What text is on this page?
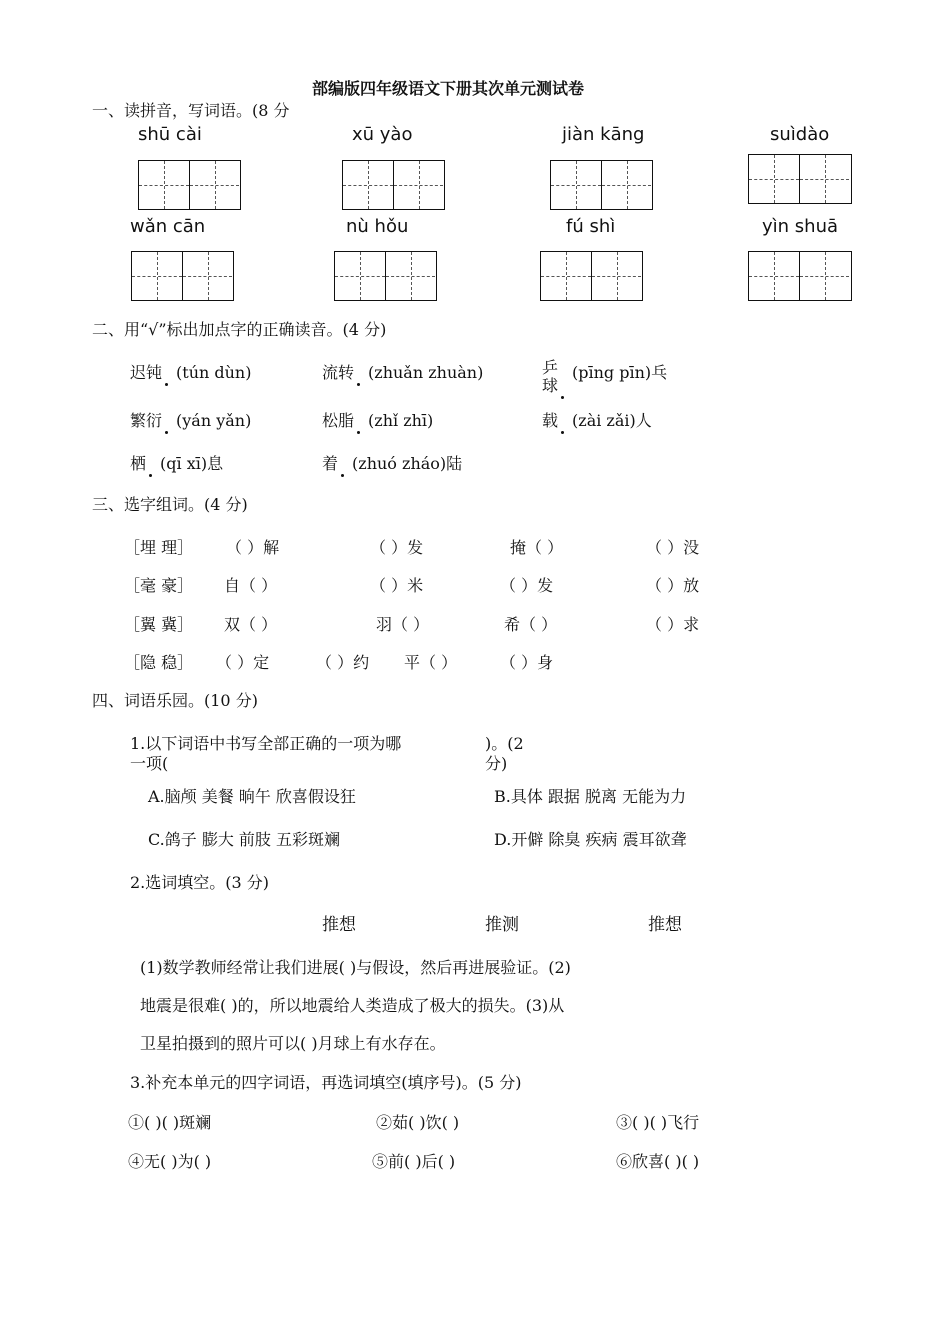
部编版四年级语文下册其次单元测试卷
一、读拼音，写词语。(8 分
shū cài	xū yào	jiàn kāng	suìdào
wǎn cān	nù hǒu	fú shì	yìn shuā
二、用“√”标出加点字的正确读音。(4 分)
迟钝 (tún dùn)	流转 (zhuǎn zhuàn)	乒
球(pīng pīn)乓
繁衍 (yán yǎn)	松脂 (zhǐ zhī)	载 (zài zǎi)人
栖 (qī xī)息	着 (zhuó zháo)陆
三、选字组词。(4 分)
［埋 理］ （ ）解	（ ）发	掩（ ）	（ ）没
［毫 豪］ 自（ ）	（ ）米	（ ）发	（ ）放
［翼 冀］ 双（ ）	羽（ ）	希（ ）	（ ）求
［隐 稳］ （ ）定	（ ）约 平（ ）	（ ）身
四、词语乐园。(10 分)
1.以下词语中书写全部正确的一项为哪
一项(
)。(2
分)
A.脑颅 美餐 晌午 欣喜假设狂	B.具体 跟据 脱离 无能为力
C.鸽子 膨大 前肢 五彩斑斓	D.开僻 除臭 疾病 震耳欲聋
2.选词填空。(3 分)
推想	推测	推想
(1)数学教师经常让我们进展( )与假设，然后再进展验证。(2)
地震是很难( )的，所以地震给人类造成了极大的损失。(3)从
卫星拍摄到的照片可以( )月球上有水存在。
3.补充本单元的四字词语，再选词填空(填序号)。(5 分)
①( )( )斑斓	②茹( )饮( )	③( )( )飞行
④无( )为( )	⑤前( )后( )	⑥欣喜( )( )
